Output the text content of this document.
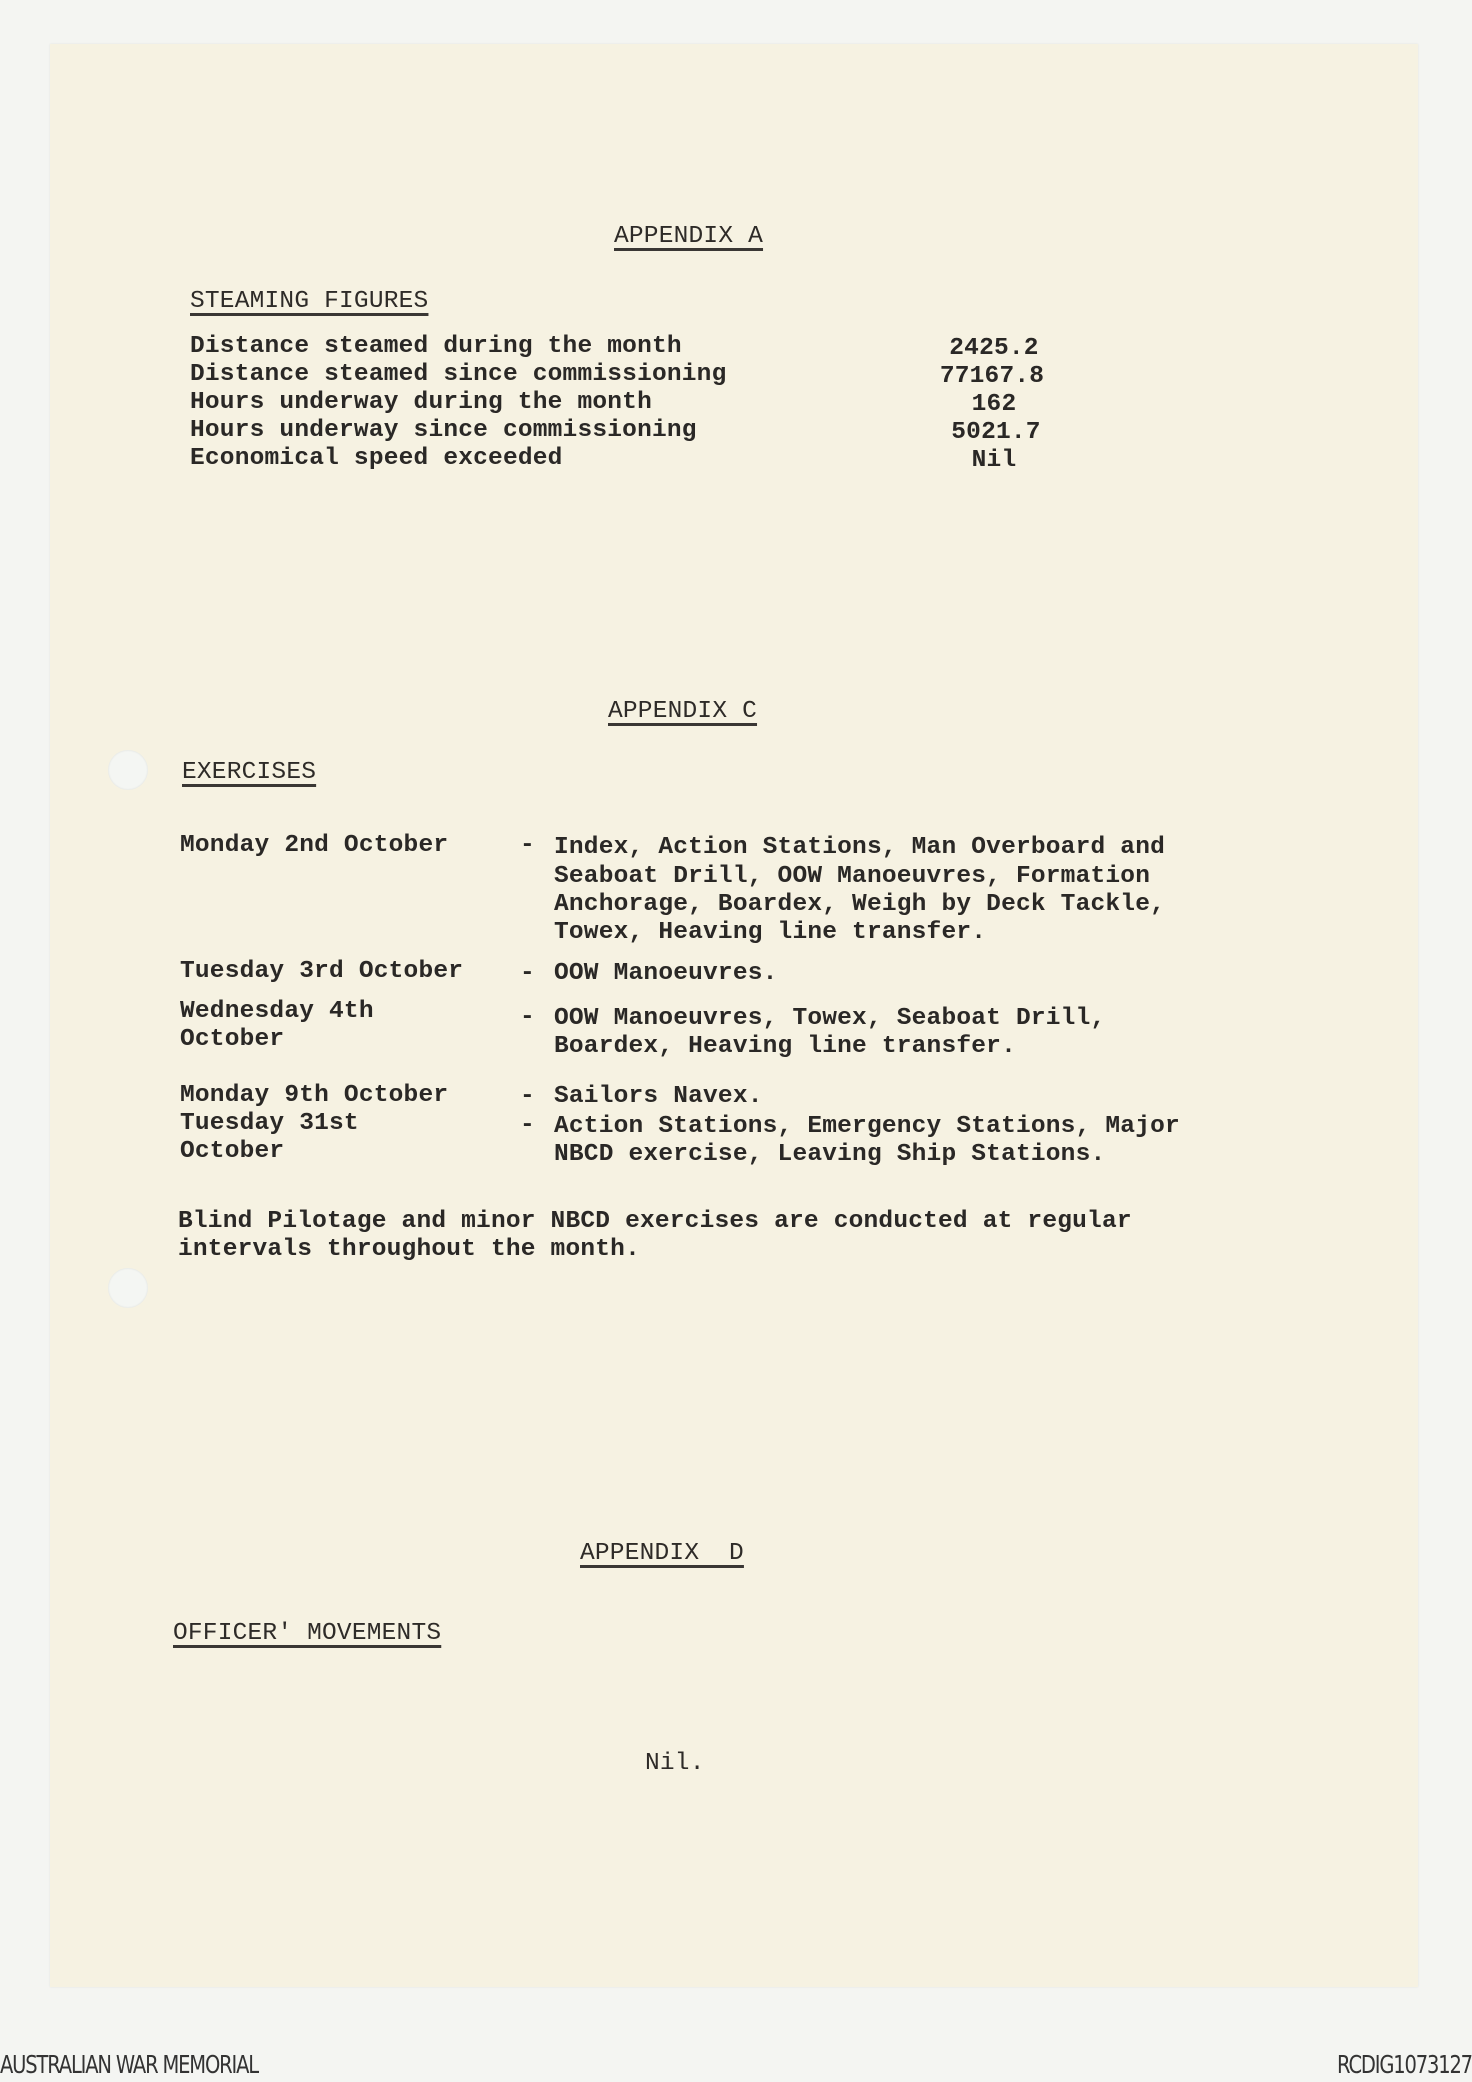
APPENDIX A
STEAMING FIGURES
Distance steamed during the month	2425.2
Distance steamed since commissioning	77167.8
Hours underway during the month	162
Hours underway since commissioning	5021.7
Economical speed exceeded	Nil
APPENDIX C
EXERCISES
Monday 2nd October	- Index, Action Stations, Man Overboard and
Seaboat Drill, OOW Manoeuvres, Formation
Anchorage, Boardex, Weigh by Deck Tackle,
Towex, Heaving line transfer.
Tuesday 3rd October - OOW Manoeuvres.
Wednesday 4th
October
- OOW Manoeuvres, Towex, Seaboat Drill,
Boardex, Heaving line transfer.
Monday 9th October	- Sailors Navex.
Tuesday 31st
October
- Action Stations, Emergency Stations, Major
NBCD exercise, Leaving Ship Stations.
Blind Pilotage and minor NBCD exercises are conducted at regular
intervals throughout the month.
APPENDIX  D
OFFICER' MOVEMENTS
Nil.
AUSTRALIAN WAR MEMORIAL	RCDIG1073127
